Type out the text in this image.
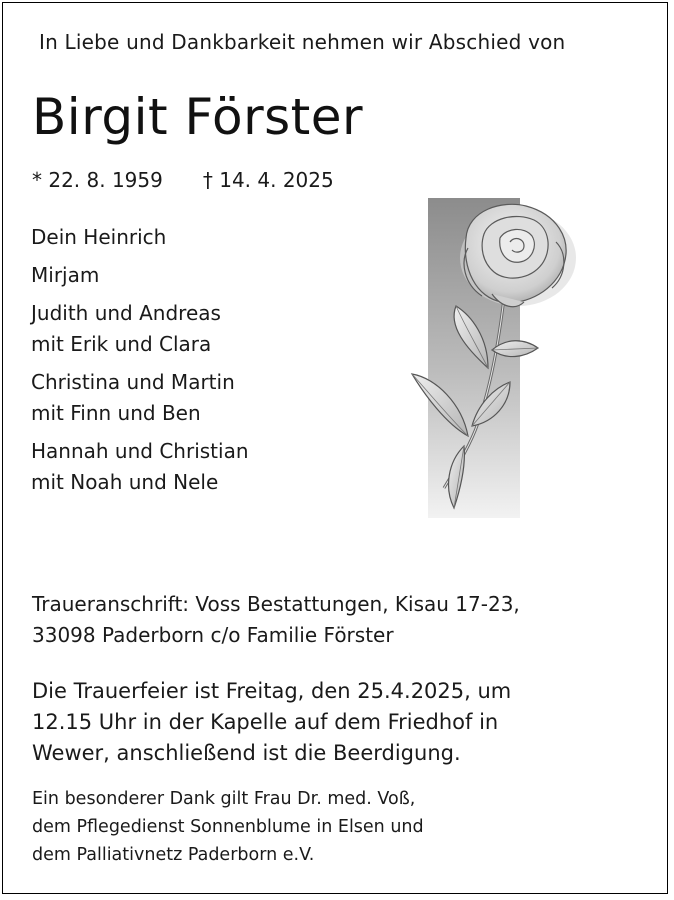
In Liebe und Dankbarkeit nehmen wir Abschied von
Birgit Förster
* 22. 8. 1959 † 14. 4. 2025
Dein Heinrich
Mirjam
Judith und Andreas
mit Erik und Clara
Christina und Martin
mit Finn und Ben
Hannah und Christian
mit Noah und Nele
Traueranschrift: Voss Bestattungen, Kisau 17-23,
33098 Paderborn c/o Familie Förster
Die Trauerfeier ist Freitag, den 25.4.2025, um
12.15 Uhr in der Kapelle auf dem Friedhof in
Wewer, anschließend ist die Beerdigung.
Ein besonderer Dank gilt Frau Dr. med. Voß,
dem Pflegedienst Sonnenblume in Elsen und
dem Palliativnetz Paderborn e.V.
